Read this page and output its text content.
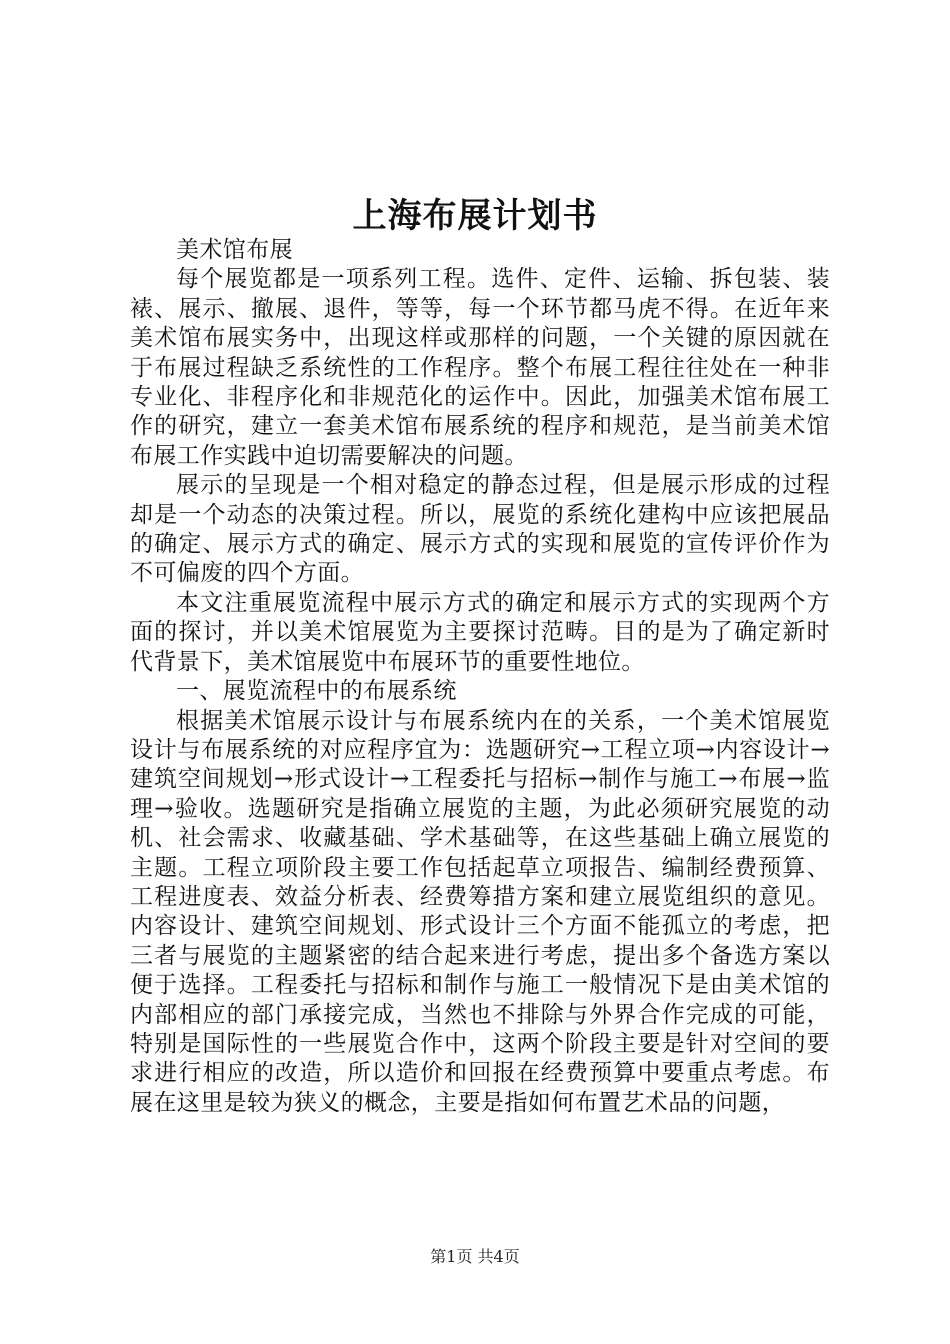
上海布展计划书

美术馆布展

每个展览都是一项系列工程。选件、定件、运输、拆包装、装裱、展示、撤展、退件，等等，每一个环节都马虎不得。在近年来美术馆布展实务中，出现这样或那样的问题，一个关键的原因就在于布展过程缺乏系统性的工作程序。整个布展工程往往处在一种非专业化、非程序化和非规范化的运作中。因此，加强美术馆布展工作的研究，建立一套美术馆布展系统的程序和规范，是当前美术馆布展工作实践中迫切需要解决的问题。

展示的呈现是一个相对稳定的静态过程，但是展示形成的过程却是一个动态的决策过程。所以，展览的系统化建构中应该把展品的确定、展示方式的确定、展示方式的实现和展览的宣传评价作为不可偏废的四个方面。

本文注重展览流程中展示方式的确定和展示方式的实现两个方面的探讨，并以美术馆展览为主要探讨范畴。目的是为了确定新时代背景下，美术馆展览中布展环节的重要性地位。

一、展览流程中的布展系统

根据美术馆展示设计与布展系统内在的关系，一个美术馆展览设计与布展系统的对应程序宜为：选题研究→工程立项→内容设计→建筑空间规划→形式设计→工程委托与招标→制作与施工→布展→监理→验收。选题研究是指确立展览的主题，为此必须研究展览的动机、社会需求、收藏基础、学术基础等，在这些基础上确立展览的主题。工程立项阶段主要工作包括起草立项报告、编制经费预算、工程进度表、效益分析表、经费筹措方案和建立展览组织的意见。内容设计、建筑空间规划、形式设计三个方面不能孤立的考虑，把三者与展览的主题紧密的结合起来进行考虑，提出多个备选方案以便于选择。工程委托与招标和制作与施工一般情况下是由美术馆的内部相应的部门承接完成，当然也不排除与外界合作完成的可能，特别是国际性的一些展览合作中，这两个阶段主要是针对空间的要求进行相应的改造，所以造价和回报在经费预算中要重点考虑。布展在这里是较为狭义的概念，主要是指如何布置艺术品的问题，

第1页 共4页
